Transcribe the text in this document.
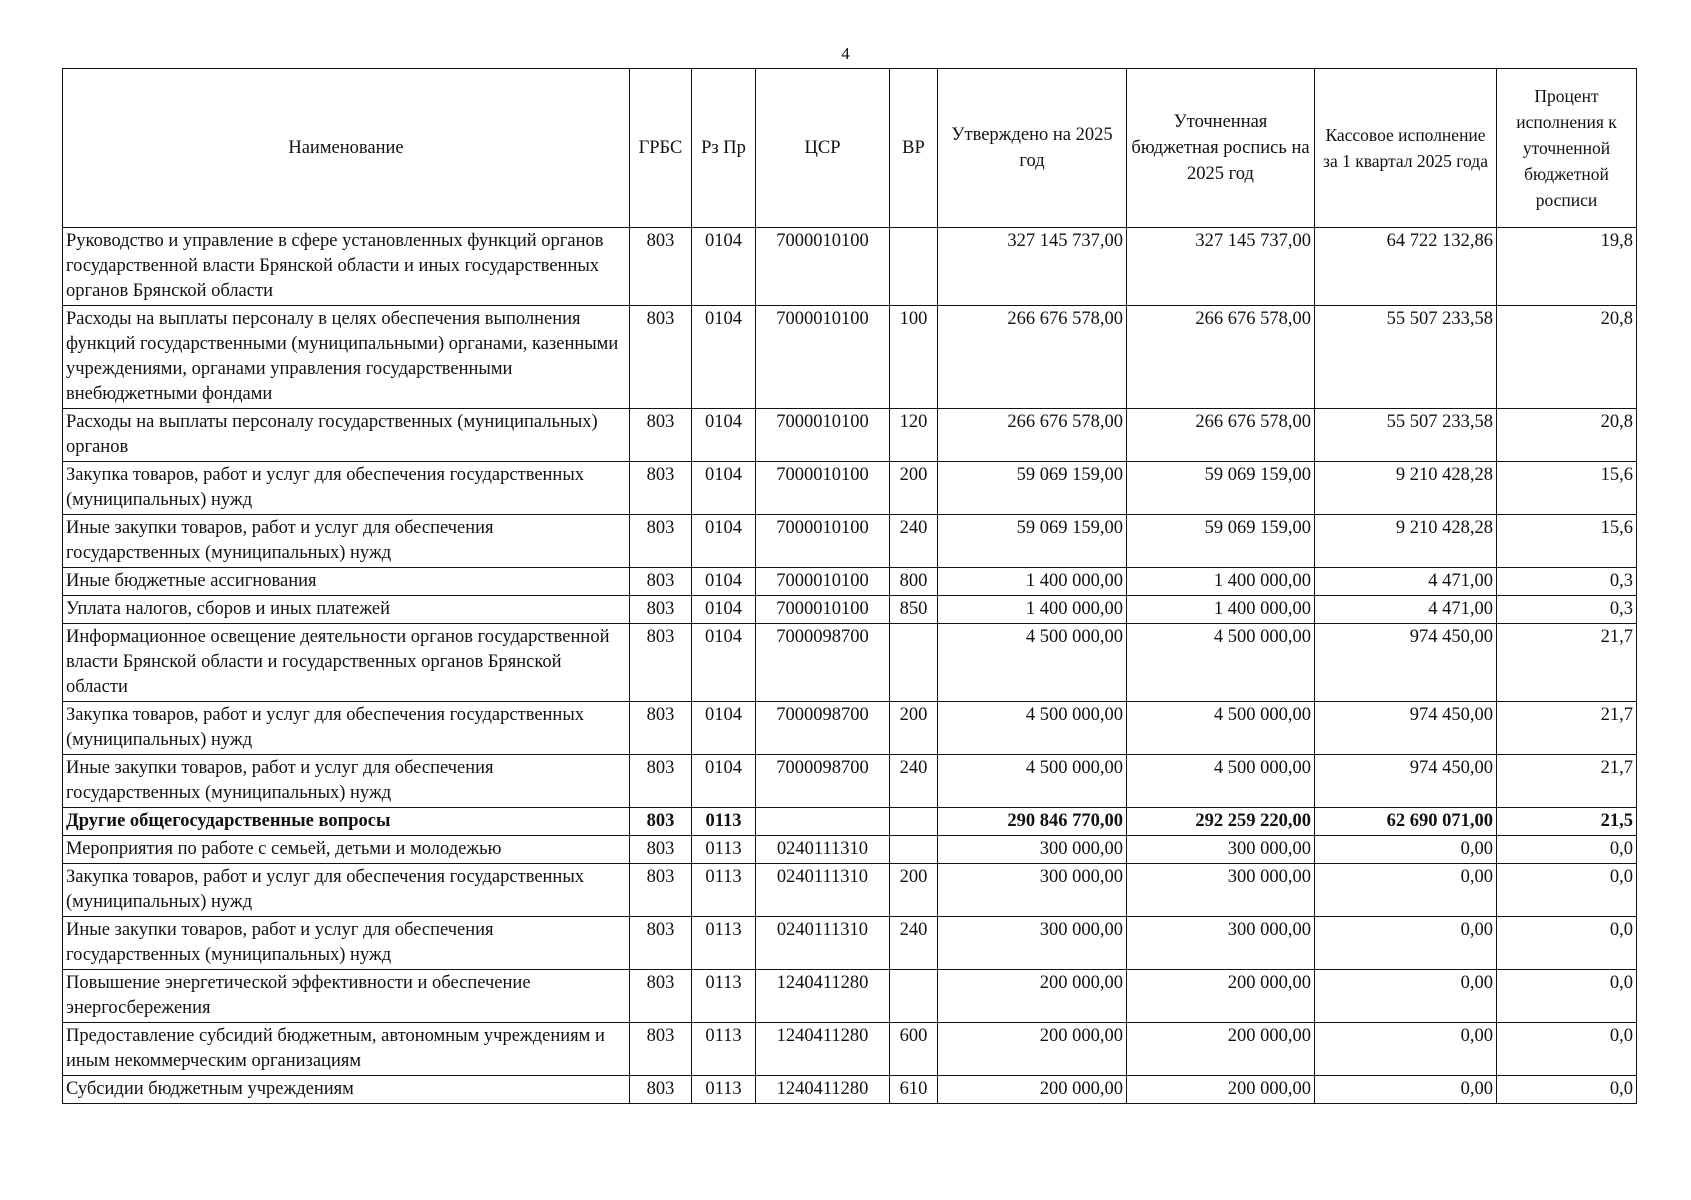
4
Наименование	ГРБС	Рз Пр	ЦСР	ВР	Утверждено на 2025 год	Уточненная бюджетная роспись на 2025 год	Кассовое исполнение за 1 квартал 2025 года	Процент исполнения к уточненной бюджетной росписи
Руководство и управление в сфере установленных функций органов государственной власти Брянской области и иных государственных органов Брянской области	803	0104	7000010100		327 145 737,00	327 145 737,00	64 722 132,86	19,8
Расходы на выплаты персоналу в целях обеспечения выполнения функций государственными (муниципальными) органами, казенными учреждениями, органами управления государственными внебюджетными фондами	803	0104	7000010100	100	266 676 578,00	266 676 578,00	55 507 233,58	20,8
Расходы на выплаты персоналу государственных (муниципальных) органов	803	0104	7000010100	120	266 676 578,00	266 676 578,00	55 507 233,58	20,8
Закупка товаров, работ и услуг для обеспечения государственных (муниципальных) нужд	803	0104	7000010100	200	59 069 159,00	59 069 159,00	9 210 428,28	15,6
Иные закупки товаров, работ и услуг для обеспечения государственных (муниципальных) нужд	803	0104	7000010100	240	59 069 159,00	59 069 159,00	9 210 428,28	15,6
Иные бюджетные ассигнования	803	0104	7000010100	800	1 400 000,00	1 400 000,00	4 471,00	0,3
Уплата налогов, сборов и иных платежей	803	0104	7000010100	850	1 400 000,00	1 400 000,00	4 471,00	0,3
Информационное освещение деятельности органов государственной власти Брянской области и государственных органов Брянской области	803	0104	7000098700		4 500 000,00	4 500 000,00	974 450,00	21,7
Закупка товаров, работ и услуг для обеспечения государственных (муниципальных) нужд	803	0104	7000098700	200	4 500 000,00	4 500 000,00	974 450,00	21,7
Иные закупки товаров, работ и услуг для обеспечения государственных (муниципальных) нужд	803	0104	7000098700	240	4 500 000,00	4 500 000,00	974 450,00	21,7
Другие общегосударственные вопросы	803	0113			290 846 770,00	292 259 220,00	62 690 071,00	21,5
Мероприятия по работе с семьей, детьми и молодежью	803	0113	0240111310		300 000,00	300 000,00	0,00	0,0
Закупка товаров, работ и услуг для обеспечения государственных (муниципальных) нужд	803	0113	0240111310	200	300 000,00	300 000,00	0,00	0,0
Иные закупки товаров, работ и услуг для обеспечения государственных (муниципальных) нужд	803	0113	0240111310	240	300 000,00	300 000,00	0,00	0,0
Повышение энергетической эффективности и обеспечение энергосбережения	803	0113	1240411280		200 000,00	200 000,00	0,00	0,0
Предоставление субсидий бюджетным, автономным учреждениям и иным некоммерческим организациям	803	0113	1240411280	600	200 000,00	200 000,00	0,00	0,0
Субсидии бюджетным учреждениям	803	0113	1240411280	610	200 000,00	200 000,00	0,00	0,0
